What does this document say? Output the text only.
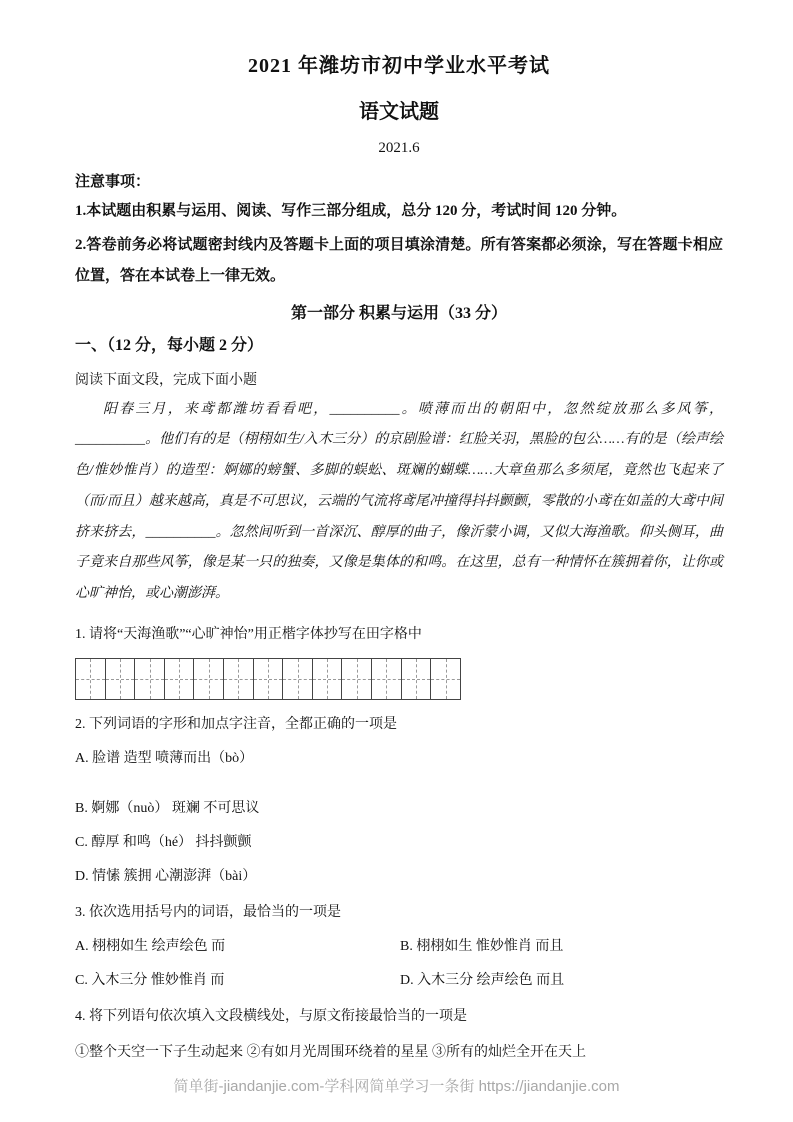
2021 年潍坊市初中学业水平考试
语文试题
2021.6
注意事项：
1.本试题由积累与运用、阅读、写作三部分组成，总分 120 分，考试时间 120 分钟。
2.答卷前务必将试题密封线内及答题卡上面的项目填涂清楚。所有答案都必须涂，写在答题卡相应位置，答在本试卷上一律无效。
第一部分 积累与运用（33 分）
一、（12 分，每小题 2 分）
阅读下面文段，完成下面小题
阳春三月，来鸢都潍坊看看吧，__________。喷薄而出的朝阳中，忽然绽放那么多风筝，__________。他们有的是（栩栩如生/入木三分）的京剧脸谱：红脸关羽，黑脸的包公……有的是（绘声绘色/惟妙惟肖）的造型：婀娜的螃蟹、多脚的蜈蚣、斑斓的蝴蝶……大章鱼那么多须尾，竟然也飞起来了（而/而且）越来越高，真是不可思议，云端的气流将鸢尾冲撞得抖抖颤颤，零散的小鸢在如盖的大鸢中间挤来挤去，__________。忽然间听到一首深沉、醇厚的曲子，像沂蒙小调，又似大海渔歌。仰头侧耳，曲子竟来自那些风筝，像是某一只的独奏，又像是集体的和鸣。在这里，总有一种情怀在簇拥着你，让你或心旷神怡，或心潮澎湃。
1. 请将“天海渔歌”“心旷神怡”用正楷字体抄写在田字格中
2. 下列词语的字形和加点字注音，全都正确的一项是
A. 脸谱 造型 喷薄而出（bò）
B. 婀娜（nuò） 斑斓 不可思议
C. 醇厚 和鸣（hé） 抖抖颤颤
D. 情愫 簇拥 心潮澎湃（bài）
3. 依次选用括号内的词语，最恰当的一项是
A. 栩栩如生 绘声绘色 而	B. 栩栩如生 惟妙惟肖 而且
C. 入木三分 惟妙惟肖 而	D. 入木三分 绘声绘色 而且
4. 将下列语句依次填入文段横线处，与原文衔接最恰当的一项是
①整个天空一下子生动起来 ②有如月光周围环绕着的星星 ③所有的灿烂全开在天上
简单街-jiandanjie.com-学科网简单学习一条街 https://jiandanjie.com
